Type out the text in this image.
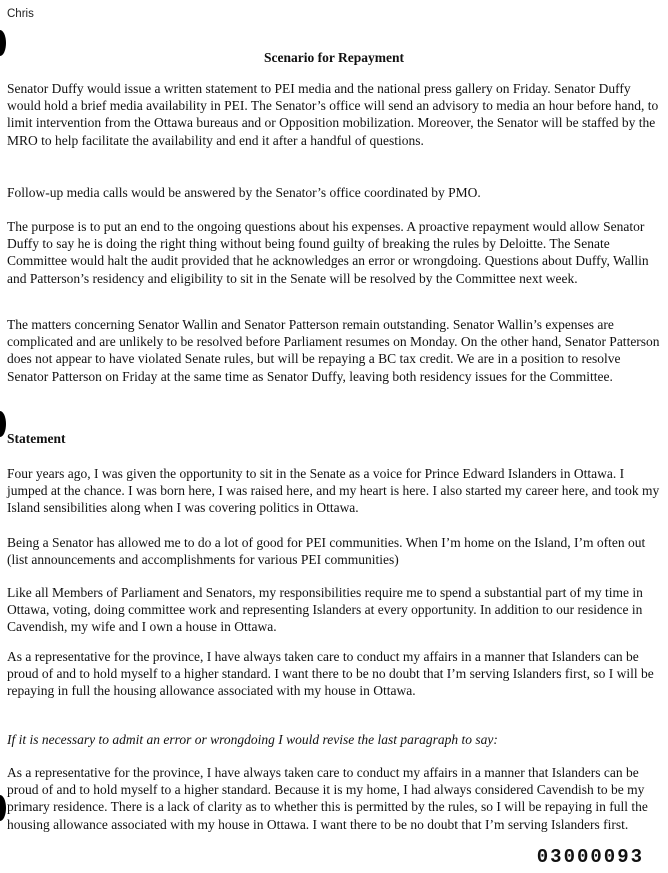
Chris
Scenario for Repayment

Senator Duffy would issue a written statement to PEI media and the national press gallery on Friday. Senator Duffy would hold a brief media availability in PEI. The Senator’s office will send an advisory to media an hour before hand, to limit intervention from the Ottawa bureaus and or Opposition mobilization. Moreover, the Senator will be staffed by the MRO to help facilitate the availability and end it after a handful of questions.

Follow-up media calls would be answered by the Senator’s office coordinated by PMO.

The purpose is to put an end to the ongoing questions about his expenses. A proactive repayment would allow Senator Duffy to say he is doing the right thing without being found guilty of breaking the rules by Deloitte. The Senate Committee would halt the audit provided that he acknowledges an error or wrongdoing. Questions about Duffy, Wallin and Patterson’s residency and eligibility to sit in the Senate will be resolved by the Committee next week.

The matters concerning Senator Wallin and Senator Patterson remain outstanding. Senator Wallin’s expenses are complicated and are unlikely to be resolved before Parliament resumes on Monday. On the other hand, Senator Patterson does not appear to have violated Senate rules, but will be repaying a BC tax credit. We are in a position to resolve Senator Patterson on Friday at the same time as Senator Duffy, leaving both residency issues for the Committee.

Statement

Four years ago, I was given the opportunity to sit in the Senate as a voice for Prince Edward Islanders in Ottawa. I jumped at the chance. I was born here, I was raised here, and my heart is here. I also started my career here, and took my Island sensibilities along when I was covering politics in Ottawa.

Being a Senator has allowed me to do a lot of good for PEI communities. When I’m home on the Island, I’m often out (list announcements and accomplishments for various PEI communities)

Like all Members of Parliament and Senators, my responsibilities require me to spend a substantial part of my time in Ottawa, voting, doing committee work and representing Islanders at every opportunity. In addition to our residence in Cavendish, my wife and I own a house in Ottawa.

As a representative for the province, I have always taken care to conduct my affairs in a manner that Islanders can be proud of and to hold myself to a higher standard. I want there to be no doubt that I’m serving Islanders first, so I will be repaying in full the housing allowance associated with my house in Ottawa.

If it is necessary to admit an error or wrongdoing I would revise the last paragraph to say:

As a representative for the province, I have always taken care to conduct my affairs in a manner that Islanders can be proud of and to hold myself to a higher standard. Because it is my home, I had always considered Cavendish to be my primary residence. There is a lack of clarity as to whether this is permitted by the rules, so I will be repaying in full the housing allowance associated with my house in Ottawa. I want there to be no doubt that I’m serving Islanders first.

03000093
